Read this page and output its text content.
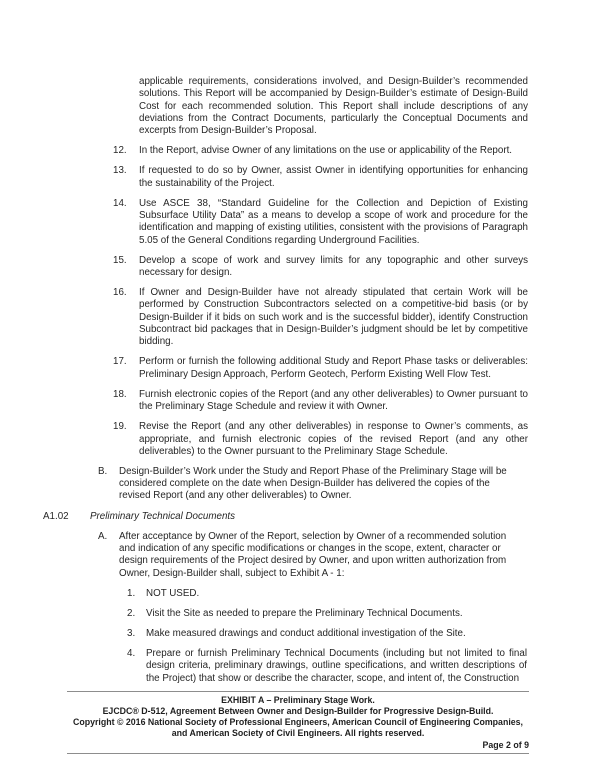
applicable requirements, considerations involved, and Design-Builder’s recommended solutions. This Report will be accompanied by Design-Builder’s estimate of Design-Build Cost for each recommended solution. This Report shall include descriptions of any deviations from the Contract Documents, particularly the Conceptual Documents and excerpts from Design-Builder’s Proposal.

12.	In the Report, advise Owner of any limitations on the use or applicability of the Report.
13.	If requested to do so by Owner, assist Owner in identifying opportunities for enhancing the sustainability of the Project.
14.	Use ASCE 38, “Standard Guideline for the Collection and Depiction of Existing Subsurface Utility Data” as a means to develop a scope of work and procedure for the identification and mapping of existing utilities, consistent with the provisions of Paragraph 5.05 of the General Conditions regarding Underground Facilities.
15.	Develop a scope of work and survey limits for any topographic and other surveys necessary for design.
16.	If Owner and Design-Builder have not already stipulated that certain Work will be performed by Construction Subcontractors selected on a competitive-bid basis (or by Design-Builder if it bids on such work and is the successful bidder), identify Construction Subcontract bid packages that in Design-Builder’s judgment should be let by competitive bidding.
17.	Perform or furnish the following additional Study and Report Phase tasks or deliverables: Preliminary Design Approach, Perform Geotech, Perform Existing Well Flow Test.
18.	Furnish electronic copies of the Report (and any other deliverables) to Owner pursuant to the Preliminary Stage Schedule and review it with Owner.
19.	Revise the Report (and any other deliverables) in response to Owner’s comments, as appropriate, and furnish electronic copies of the revised Report (and any other deliverables) to the Owner pursuant to the Preliminary Stage Schedule.
B.	Design-Builder’s Work under the Study and Report Phase of the Preliminary Stage will be considered complete on the date when Design-Builder has delivered the copies of the revised Report (and any other deliverables) to Owner.
A1.02	Preliminary Technical Documents
A.	After acceptance by Owner of the Report, selection by Owner of a recommended solution and indication of any specific modifications or changes in the scope, extent, character or design requirements of the Project desired by Owner, and upon written authorization from Owner, Design-Builder shall, subject to Exhibit A - 1:
1.	NOT USED.
2.	Visit the Site as needed to prepare the Preliminary Technical Documents.
3.	Make measured drawings and conduct additional investigation of the Site.
4.	Prepare or furnish Preliminary Technical Documents (including but not limited to final design criteria, preliminary drawings, outline specifications, and written descriptions of the Project) that show or describe the character, scope, and intent of, the Construction
EXHIBIT A – Preliminary Stage Work.
EJCDC® D-512, Agreement Between Owner and Design-Builder for Progressive Design-Build.
Copyright © 2016 National Society of Professional Engineers, American Council of Engineering Companies,
and American Society of Civil Engineers. All rights reserved.
Page 2 of 9
